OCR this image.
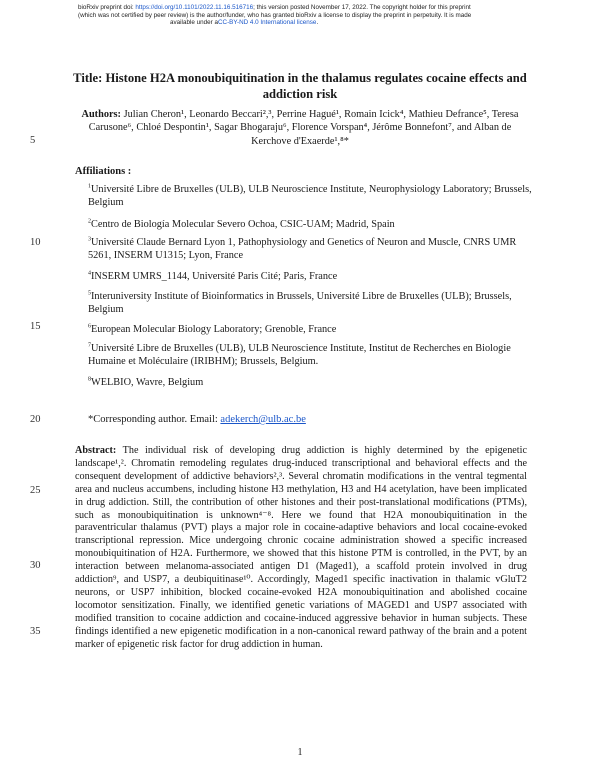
bioRxiv preprint doi: https://doi.org/10.1101/2022.11.16.516716; this version posted November 17, 2022. The copyright holder for this preprint
(which was not certified by peer review) is the author/funder, who has granted bioRxiv a license to display the preprint in perpetuity. It is made
available under aCC-BY-ND 4.0 International license.
Title: Histone H2A monoubiquitination in the thalamus regulates cocaine effects and addiction risk
Authors: Julian Cheron¹, Leonardo Beccari²,³, Perrine Hagué¹, Romain Icick⁴, Mathieu Defrance⁵, Teresa Carusone⁶, Chloé Despontin¹, Sagar Bhogaraju⁶, Florence Vorspan⁴, Jérôme Bonnefont⁷, and Alban de Kerchove d'Exaerde¹,⁸*
5
10
15
20
25
30
35
Affiliations :
$^1$Université Libre de Bruxelles (ULB), ULB Neuroscience Institute, Neurophysiology Laboratory; Brussels, Belgium
$^2$Centro de Biología Molecular Severo Ochoa, CSIC-UAM; Madrid, Spain
$^3$Université Claude Bernard Lyon 1, Pathophysiology and Genetics of Neuron and Muscle, CNRS UMR 5261, INSERM U1315; Lyon, France
$^4$INSERM UMRS_1144, Université Paris Cité; Paris, France
$^5$Interuniversity Institute of Bioinformatics in Brussels, Université Libre de Bruxelles (ULB); Brussels, Belgium
$^6$European Molecular Biology Laboratory; Grenoble, France
$^7$Université Libre de Bruxelles (ULB), ULB Neuroscience Institute, Institut de Recherches en Biologie Humaine et Moléculaire (IRIBHM); Brussels, Belgium.
$^8$WELBIO, Wavre, Belgium
*Corresponding author. Email: adekerch@ulb.ac.be
Abstract: The individual risk of developing drug addiction is highly determined by the epigenetic landscape¹,². Chromatin remodeling regulates drug-induced transcriptional and behavioral effects and the consequent development of addictive behaviors²,³. Several chromatin modifications in the ventral tegmental area and nucleus accumbens, including histone H3 methylation, H3 and H4 acetylation, have been implicated in drug addiction. Still, the contribution of other histones and their post-translational modifications (PTMs), such as monoubiquitination is unknown⁴⁻⁸. Here we found that H2A monoubiquitination in the paraventricular thalamus (PVT) plays a major role in cocaine-adaptive behaviors and local cocaine-evoked transcriptional repression. Mice undergoing chronic cocaine administration showed a specific increased monoubiquitination of H2A. Furthermore, we showed that this histone PTM is controlled, in the PVT, by an interaction between melanoma-associated antigen D1 (Maged1), a scaffold protein involved in drug addiction⁹, and USP7, a deubiquitinase¹⁰. Accordingly, Maged1 specific inactivation in thalamic vGluT2 neurons, or USP7 inhibition, blocked cocaine-evoked H2A monoubiquitination and abolished cocaine locomotor sensitization. Finally, we identified genetic variations of MAGED1 and USP7 associated with modified transition to cocaine addiction and cocaine-induced aggressive behavior in human subjects. These findings identified a new epigenetic modification in a non-canonical reward pathway of the brain and a potent marker of epigenetic risk factor for drug addiction in human.
1
